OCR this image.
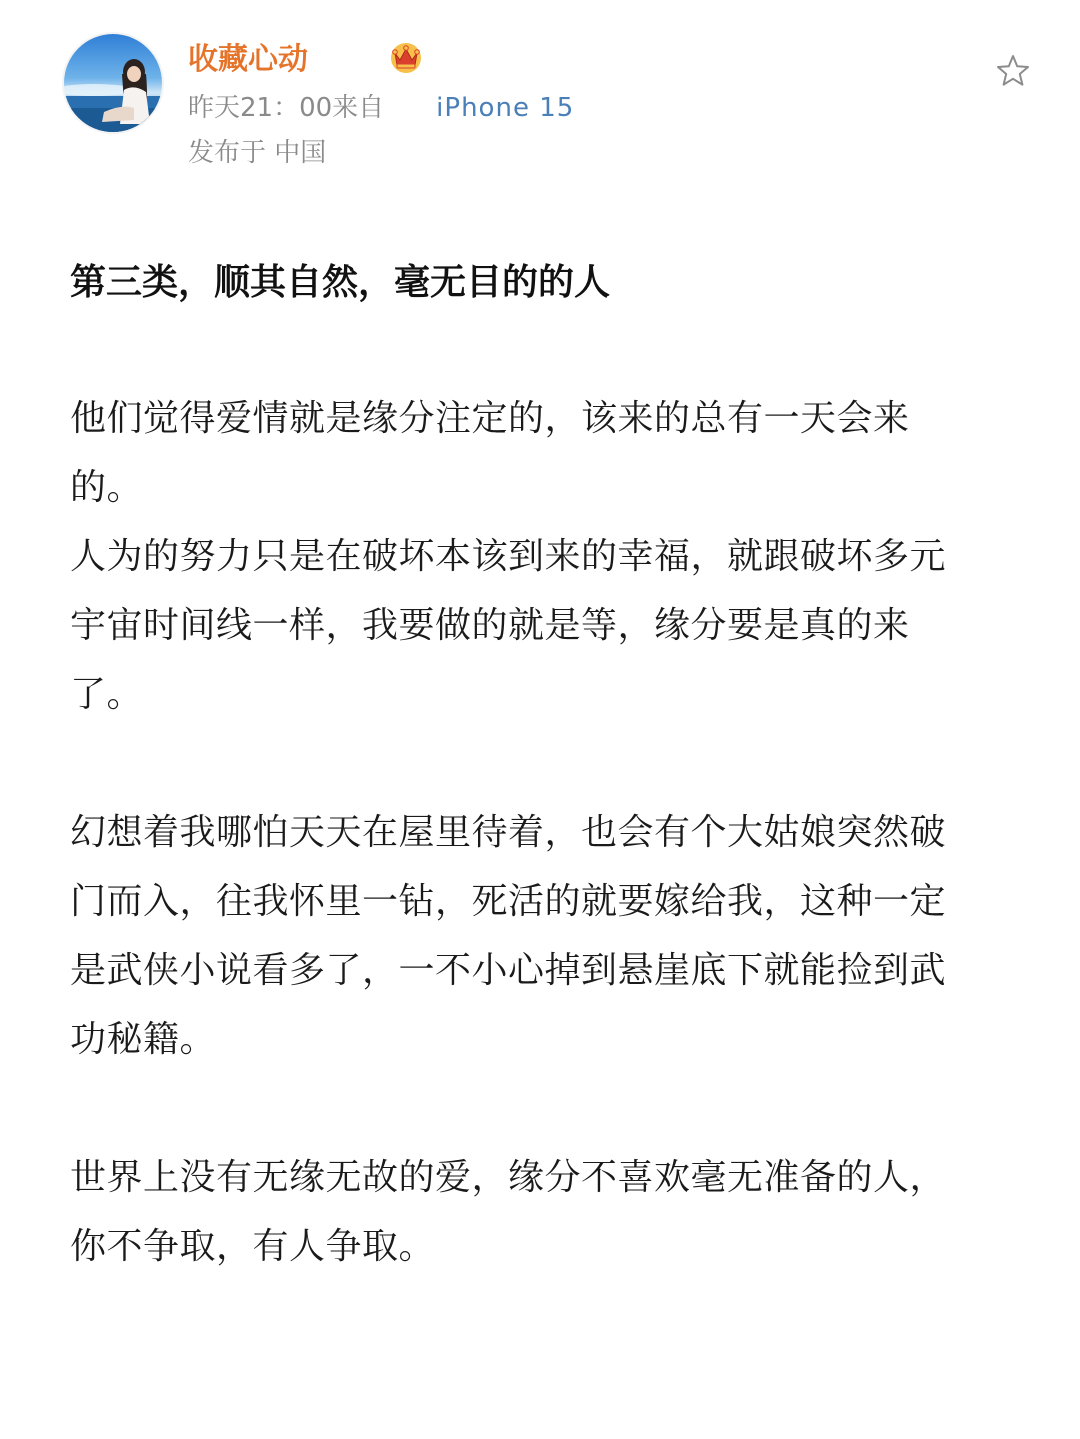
收藏心动
昨天21：00来自 iPhone 15
发布于 中国
第三类，顺其自然，毫无目的的人
他们觉得爱情就是缘分注定的，该来的总有一天会来
的。
人为的努力只是在破坏本该到来的幸福，就跟破坏多元
宇宙时间线一样，我要做的就是等，缘分要是真的来
了。
幻想着我哪怕天天在屋里待着，也会有个大姑娘突然破
门而入，往我怀里一钻，死活的就要嫁给我，这种一定
是武侠小说看多了，一不小心掉到悬崖底下就能捡到武
功秘籍。
世界上没有无缘无故的爱，缘分不喜欢毫无准备的人，
你不争取，有人争取。
